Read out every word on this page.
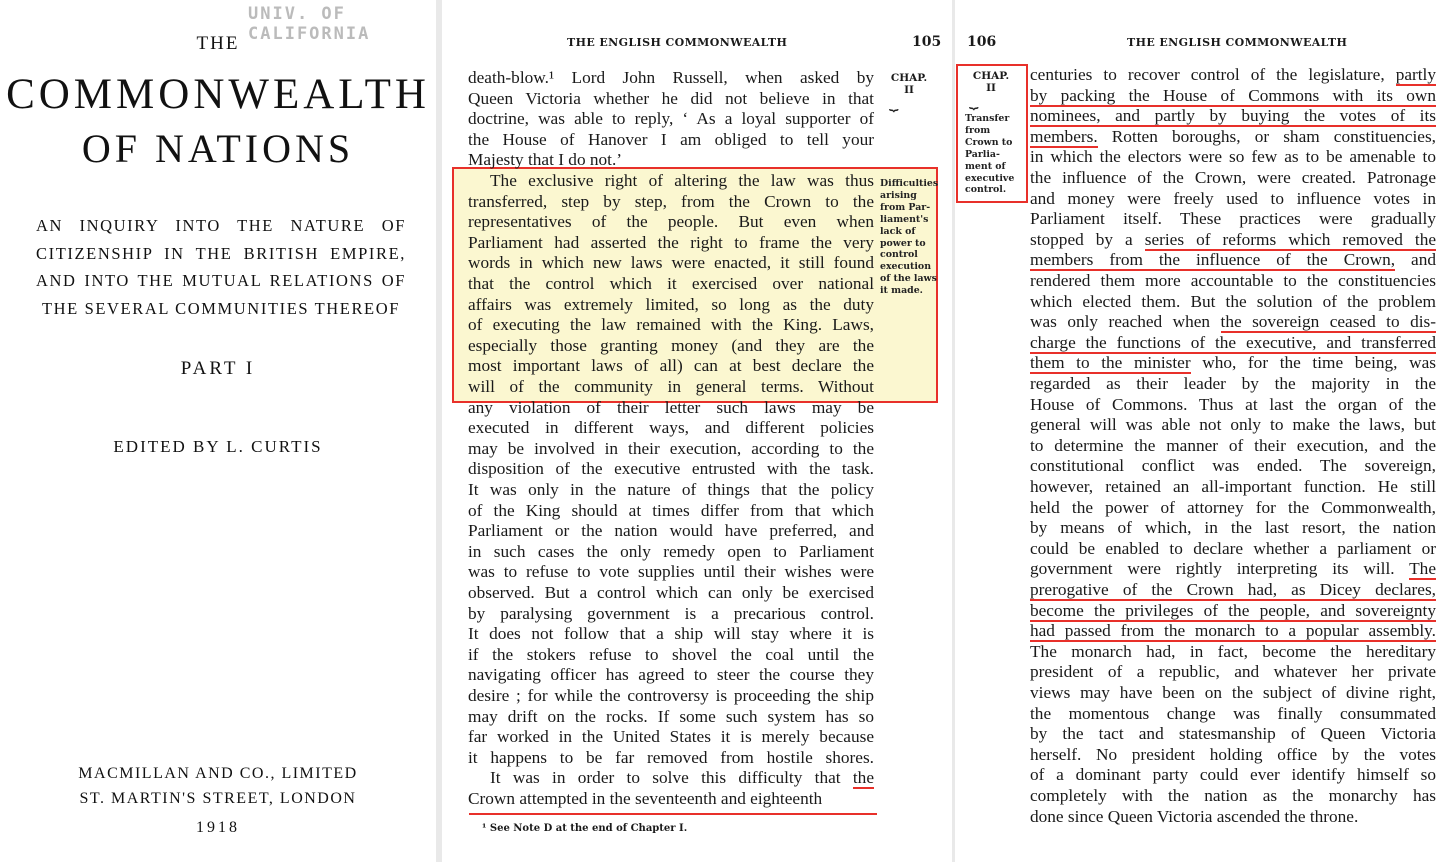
UNIV. OF CALIFORNIA
THE
COMMONWEALTH
OF NATIONS
AN INQUIRY INTO THE NATURE OF CITIZENSHIP IN THE BRITISH EMPIRE, AND INTO THE MUTUAL RELATIONS OF THE SEVERAL COMMUNITIES THEREOF
PART I
EDITED BY L. CURTIS
MACMILLAN AND CO., LIMITED
ST. MARTIN'S STREET, LONDON
1918
THE ENGLISH COMMONWEALTH	105
CHAP.
II
⏟
Difficulties
arising
from Par-
liament's
lack of
power to
control
execution
of the laws
it made.
death-blow.¹ Lord John Russell, when asked by
Queen Victoria whether he did not believe in that
doctrine, was able to reply, ‘ As a loyal supporter of
the House of Hanover I am obliged to tell your
Majesty that I do not.’
The exclusive right of altering the law was thus
transferred, step by step, from the Crown to the
representatives of the people. But even when
Parliament had asserted the right to frame the very
words in which new laws were enacted, it still found
that the control which it exercised over national
affairs was extremely limited, so long as the duty
of executing the law remained with the King. Laws,
especially those granting money (and they are the
most important laws of all) can at best declare the
will of the community in general terms. Without
any violation of their letter such laws may be
executed in different ways, and different policies
may be involved in their execution, according to the
disposition of the executive entrusted with the task.
It was only in the nature of things that the policy
of the King should at times differ from that which
Parliament or the nation would have preferred, and
in such cases the only remedy open to Parliament
was to refuse to vote supplies until their wishes were
observed. But a control which can only be exercised
by paralysing government is a precarious control.
It does not follow that a ship will stay where it is
if the stokers refuse to shovel the coal until the
navigating officer has agreed to steer the course they
desire ; for while the controversy is proceeding the ship
may drift on the rocks. If some such system has so
far worked in the United States it is merely because
it happens to be far removed from hostile shores.
It was in order to solve this difficulty that the
Crown attempted in the seventeenth and eighteenth
¹ See Note D at the end of Chapter I.
106	THE ENGLISH COMMONWEALTH
CHAP.
II
⏟
Transfer
from
Crown to
Parlia-
ment of
executive
control.
centuries to recover control of the legislature, partly
by packing the House of Commons with its own
nominees, and partly by buying the votes of its
members. Rotten boroughs, or sham constituencies,
in which the electors were so few as to be amenable to
the influence of the Crown, were created. Patronage
and money were freely used to influence votes in
Parliament itself. These practices were gradually
stopped by a series of reforms which removed the
members from the influence of the Crown, and
rendered them more accountable to the constituencies
which elected them. But the solution of the problem
was only reached when the sovereign ceased to dis-
charge the functions of the executive, and transferred
them to the minister who, for the time being, was
regarded as their leader by the majority in the
House of Commons. Thus at last the organ of the
general will was able not only to make the laws, but
to determine the manner of their execution, and the
constitutional conflict was ended. The sovereign,
however, retained an all-important function. He still
held the power of attorney for the Commonwealth,
by means of which, in the last resort, the nation
could be enabled to declare whether a parliament or
government were rightly interpreting its will. The
prerogative of the Crown had, as Dicey declares,
become the privileges of the people, and sovereignty
had passed from the monarch to a popular assembly.
The monarch had, in fact, become the hereditary
president of a republic, and whatever her private
views may have been on the subject of divine right,
the momentous change was finally consummated
by the tact and statesmanship of Queen Victoria
herself. No president holding office by the votes
of a dominant party could ever identify himself so
completely with the nation as the monarchy has
done since Queen Victoria ascended the throne.
